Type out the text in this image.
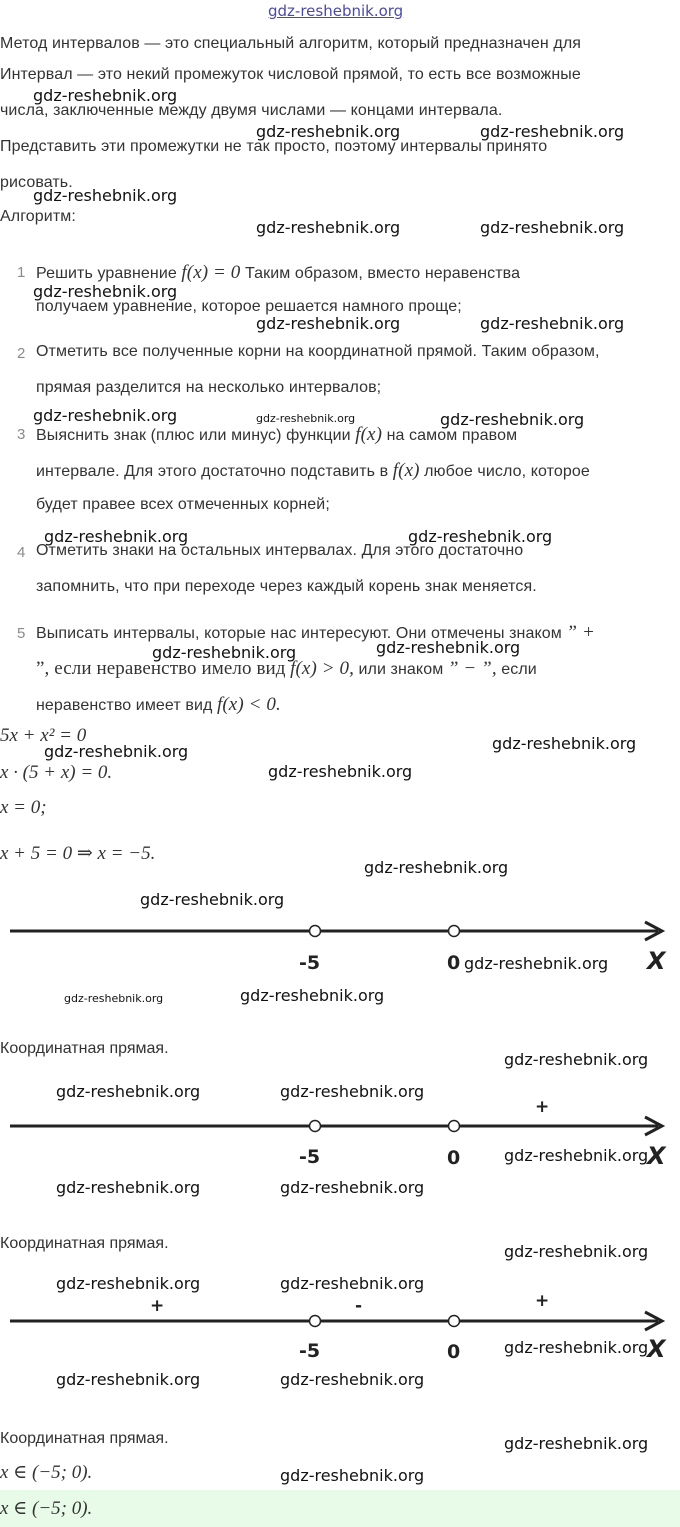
gdz-reshebnik.org
Метод интервалов — это специальный алгоритм, который предназначен для
Интервал — это некий промежуток числовой прямой, то есть все возможные
числа, заключенные между двумя числами — концами интервала.
Представить эти промежутки не так просто, поэтому интервалы принято
рисовать.
Алгоритм:
1 Решить уравнение f(x) = 0 Таким образом, вместо неравенства
получаем уравнение, которое решается намного проще;
2 Отметить все полученные корни на координатной прямой. Таким образом,
прямая разделится на несколько интервалов;
3 Выяснить знак (плюс или минус) функции f(x) на самом правом
интервале. Для этого достаточно подставить в f(x) любое число, которое
будет правее всех отмеченных корней;
4 Отметить знаки на остальных интервалах. Для этого достаточно
запомнить, что при переходе через каждый корень знак меняется.
5 Выписать интервалы, которые нас интересуют. Они отмечены знаком ” +
”, если неравенство имело вид f(x) > 0, или знаком ” − ”, если
неравенство имеет вид f(x) < 0.
5x + x² = 0
x · (5 + x) = 0.
x = 0;
x + 5 = 0 ⇒ x = −5.
-5	0	X
Координатная прямая.
+
-5	0	X
Координатная прямая.
+	-	+
-5	0	X
Координатная прямая.
x ∈ (−5; 0).
x ∈ (−5; 0).
gdz-reshebnik.org
gdz-reshebnik.org	gdz-reshebnik.org
gdz-reshebnik.org
gdz-reshebnik.org	gdz-reshebnik.org
gdz-reshebnik.org
gdz-reshebnik.org	gdz-reshebnik.org
gdz-reshebnik.org	gdz-reshebnik.org	gdz-reshebnik.org
gdz-reshebnik.org	gdz-reshebnik.org
gdz-reshebnik.org	gdz-reshebnik.org
gdz-reshebnik.org	gdz-reshebnik.org
gdz-reshebnik.org
gdz-reshebnik.org
gdz-reshebnik.org
gdz-reshebnik.org
gdz-reshebnik.org	gdz-reshebnik.org
gdz-reshebnik.org
gdz-reshebnik.org	gdz-reshebnik.org
gdz-reshebnik.org
gdz-reshebnik.org	gdz-reshebnik.org
gdz-reshebnik.org
gdz-reshebnik.org	gdz-reshebnik.org
gdz-reshebnik.org
gdz-reshebnik.org	gdz-reshebnik.org
gdz-reshebnik.org
gdz-reshebnik.org
